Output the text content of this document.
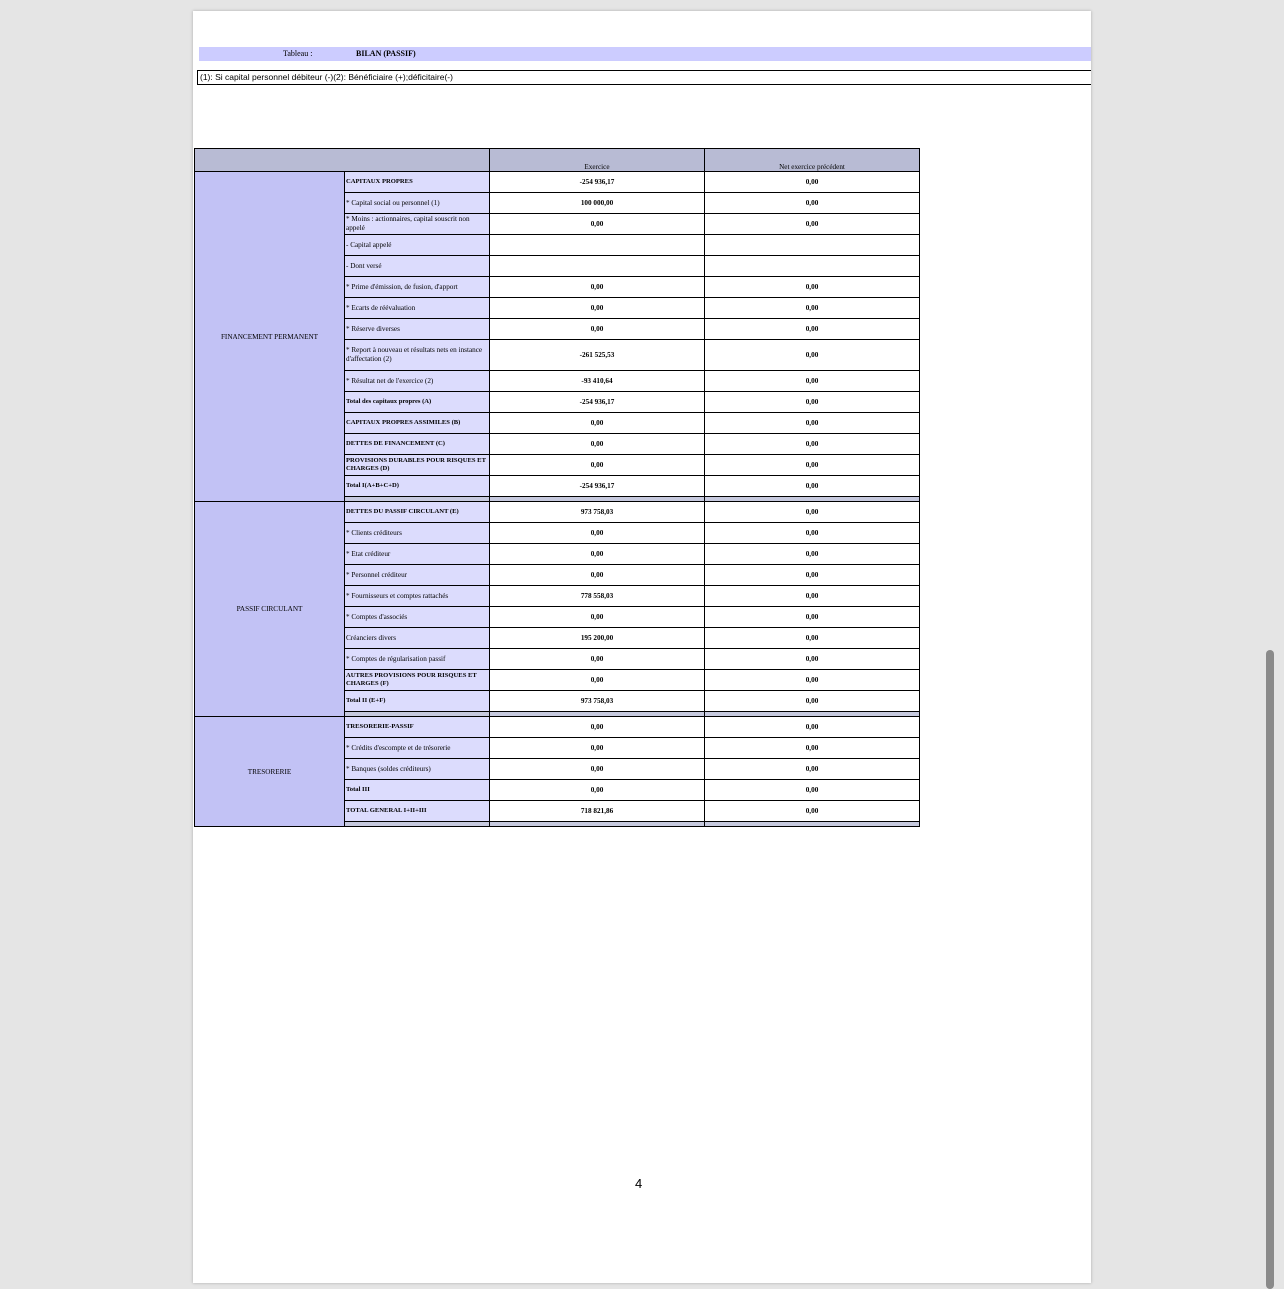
Tableau :	BILAN (PASSIF)
(1): Si capital personnel débiteur (-)(2): Bénéficiaire (+);déficitaire(-)
		Exercice	Net exercice précédent
FINANCEMENT PERMANENT	CAPITAUX PROPRES	-254 936,17	0,00
	* Capital social ou personnel (1)	100 000,00	0,00
	* Moins : actionnaires, capital souscrit non appelé	0,00	0,00
	- Capital appelé		
	- Dont versé		
	* Prime d'émission, de fusion, d'apport	0,00	0,00
	* Ecarts de réévaluation	0,00	0,00
	* Réserve diverses	0,00	0,00
	* Report à nouveau et résultats nets en instance d'affectation (2)	-261 525,53	0,00
	* Résultat net de l'exercice (2)	-93 410,64	0,00
	Total des capitaux propres (A)	-254 936,17	0,00
	CAPITAUX PROPRES ASSIMILES (B)	0,00	0,00
	DETTES DE FINANCEMENT (C)	0,00	0,00
	PROVISIONS DURABLES POUR RISQUES ET CHARGES (D)	0,00	0,00
	Total I(A+B+C+D)	-254 936,17	0,00

PASSIF CIRCULANT	DETTES DU PASSIF CIRCULANT (E)	973 758,03	0,00
	* Clients créditeurs	0,00	0,00
	* Etat créditeur	0,00	0,00
	* Personnel créditeur	0,00	0,00
	* Fournisseurs et comptes rattachés	778 558,03	0,00
	* Comptes d'associés	0,00	0,00
	Créanciers divers	195 200,00	0,00
	* Comptes de régularisation passif	0,00	0,00
	AUTRES PROVISIONS POUR RISQUES ET CHARGES (F)	0,00	0,00
	Total II (E+F)	973 758,03	0,00

TRESORERIE	TRESORERIE-PASSIF	0,00	0,00
	* Crédits d'escompte et de trésorerie	0,00	0,00
	* Banques (soldes créditeurs)	0,00	0,00
	Total III	0,00	0,00
	TOTAL GENERAL I+II+III	718 821,86	0,00

4
